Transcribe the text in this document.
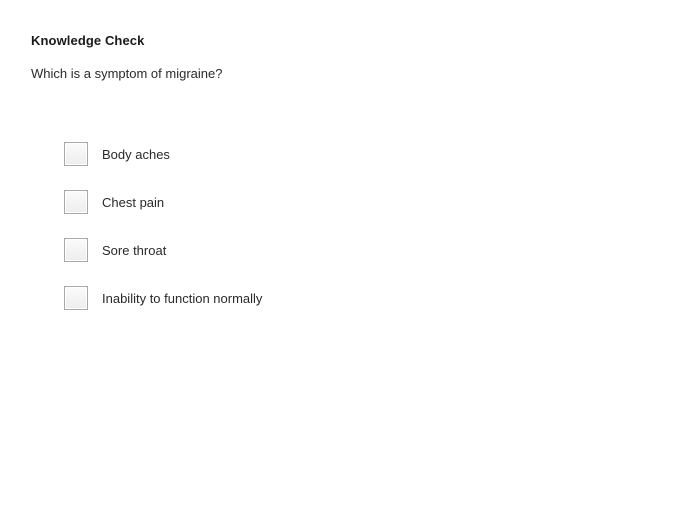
Knowledge Check
Which is a symptom of migraine?
Body aches
Chest pain
Sore throat
Inability to function normally
